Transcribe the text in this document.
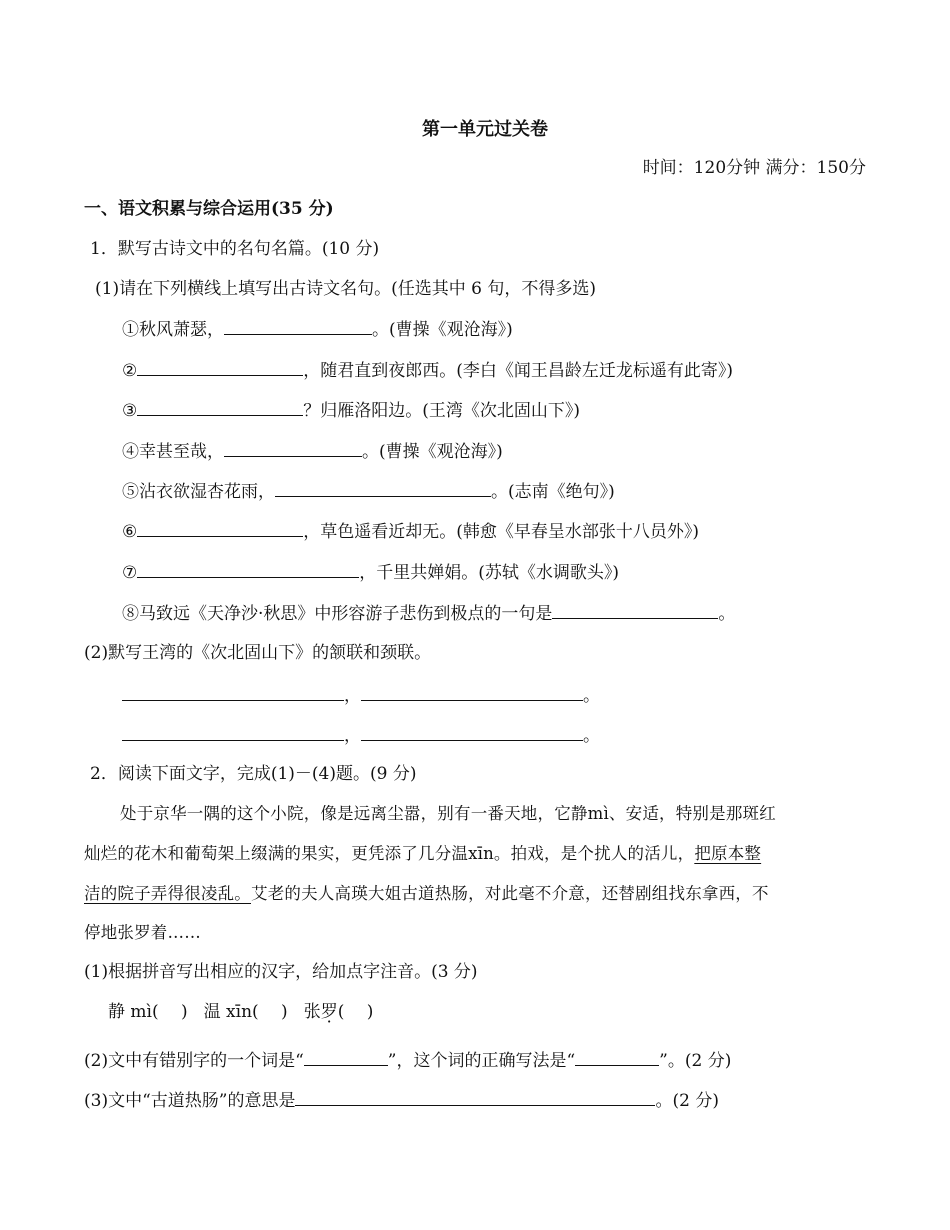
第一单元过关卷
时间：120分钟 满分：150分
一、语文积累与综合运用(35 分)
1．默写古诗文中的名句名篇。(10 分)
(1)请在下列横线上填写出古诗文名句。(任选其中 6 句，不得多选)
①秋风萧瑟，	。(曹操《观沧海》)
②	，随君直到夜郎西。(李白《闻王昌龄左迁龙标遥有此寄》)
③	？归雁洛阳边。(王湾《次北固山下》)
④幸甚至哉，	。(曹操《观沧海》)
⑤沾衣欲湿杏花雨，	。(志南《绝句》)
⑥	，草色遥看近却无。(韩愈《早春呈水部张十八员外》)
⑦	，千里共婵娟。(苏轼《水调歌头》)
⑧马致远《天净沙·秋思》中形容游子悲伤到极点的一句是	。
(2)默写王湾的《次北固山下》的颔联和颈联。
，	。
，	。
2．阅读下面文字，完成(1)－(4)题。(9 分)
处于京华一隅的这个小院，像是远离尘嚣，别有一番天地，它静mì、安适，特别是那斑红
灿烂的花木和葡萄架上缀满的果实，更凭添了几分温xīn。拍戏，是个扰人的活儿，把原本整
洁的院子弄得很凌乱。艾老的夫人高瑛大姐古道热肠，对此毫不介意，还替剧组找东拿西，不
停地张罗着……
(1)根据拼音写出相应的汉字，给加点字注音。(3 分)
静 mì(　 ) 温 xīn(　 ) 张罗(　 )
(2)文中有错别字的一个词是“	”，这个词的正确写法是“	”。(2 分)
(3)文中“古道热肠”的意思是	。(2 分)
